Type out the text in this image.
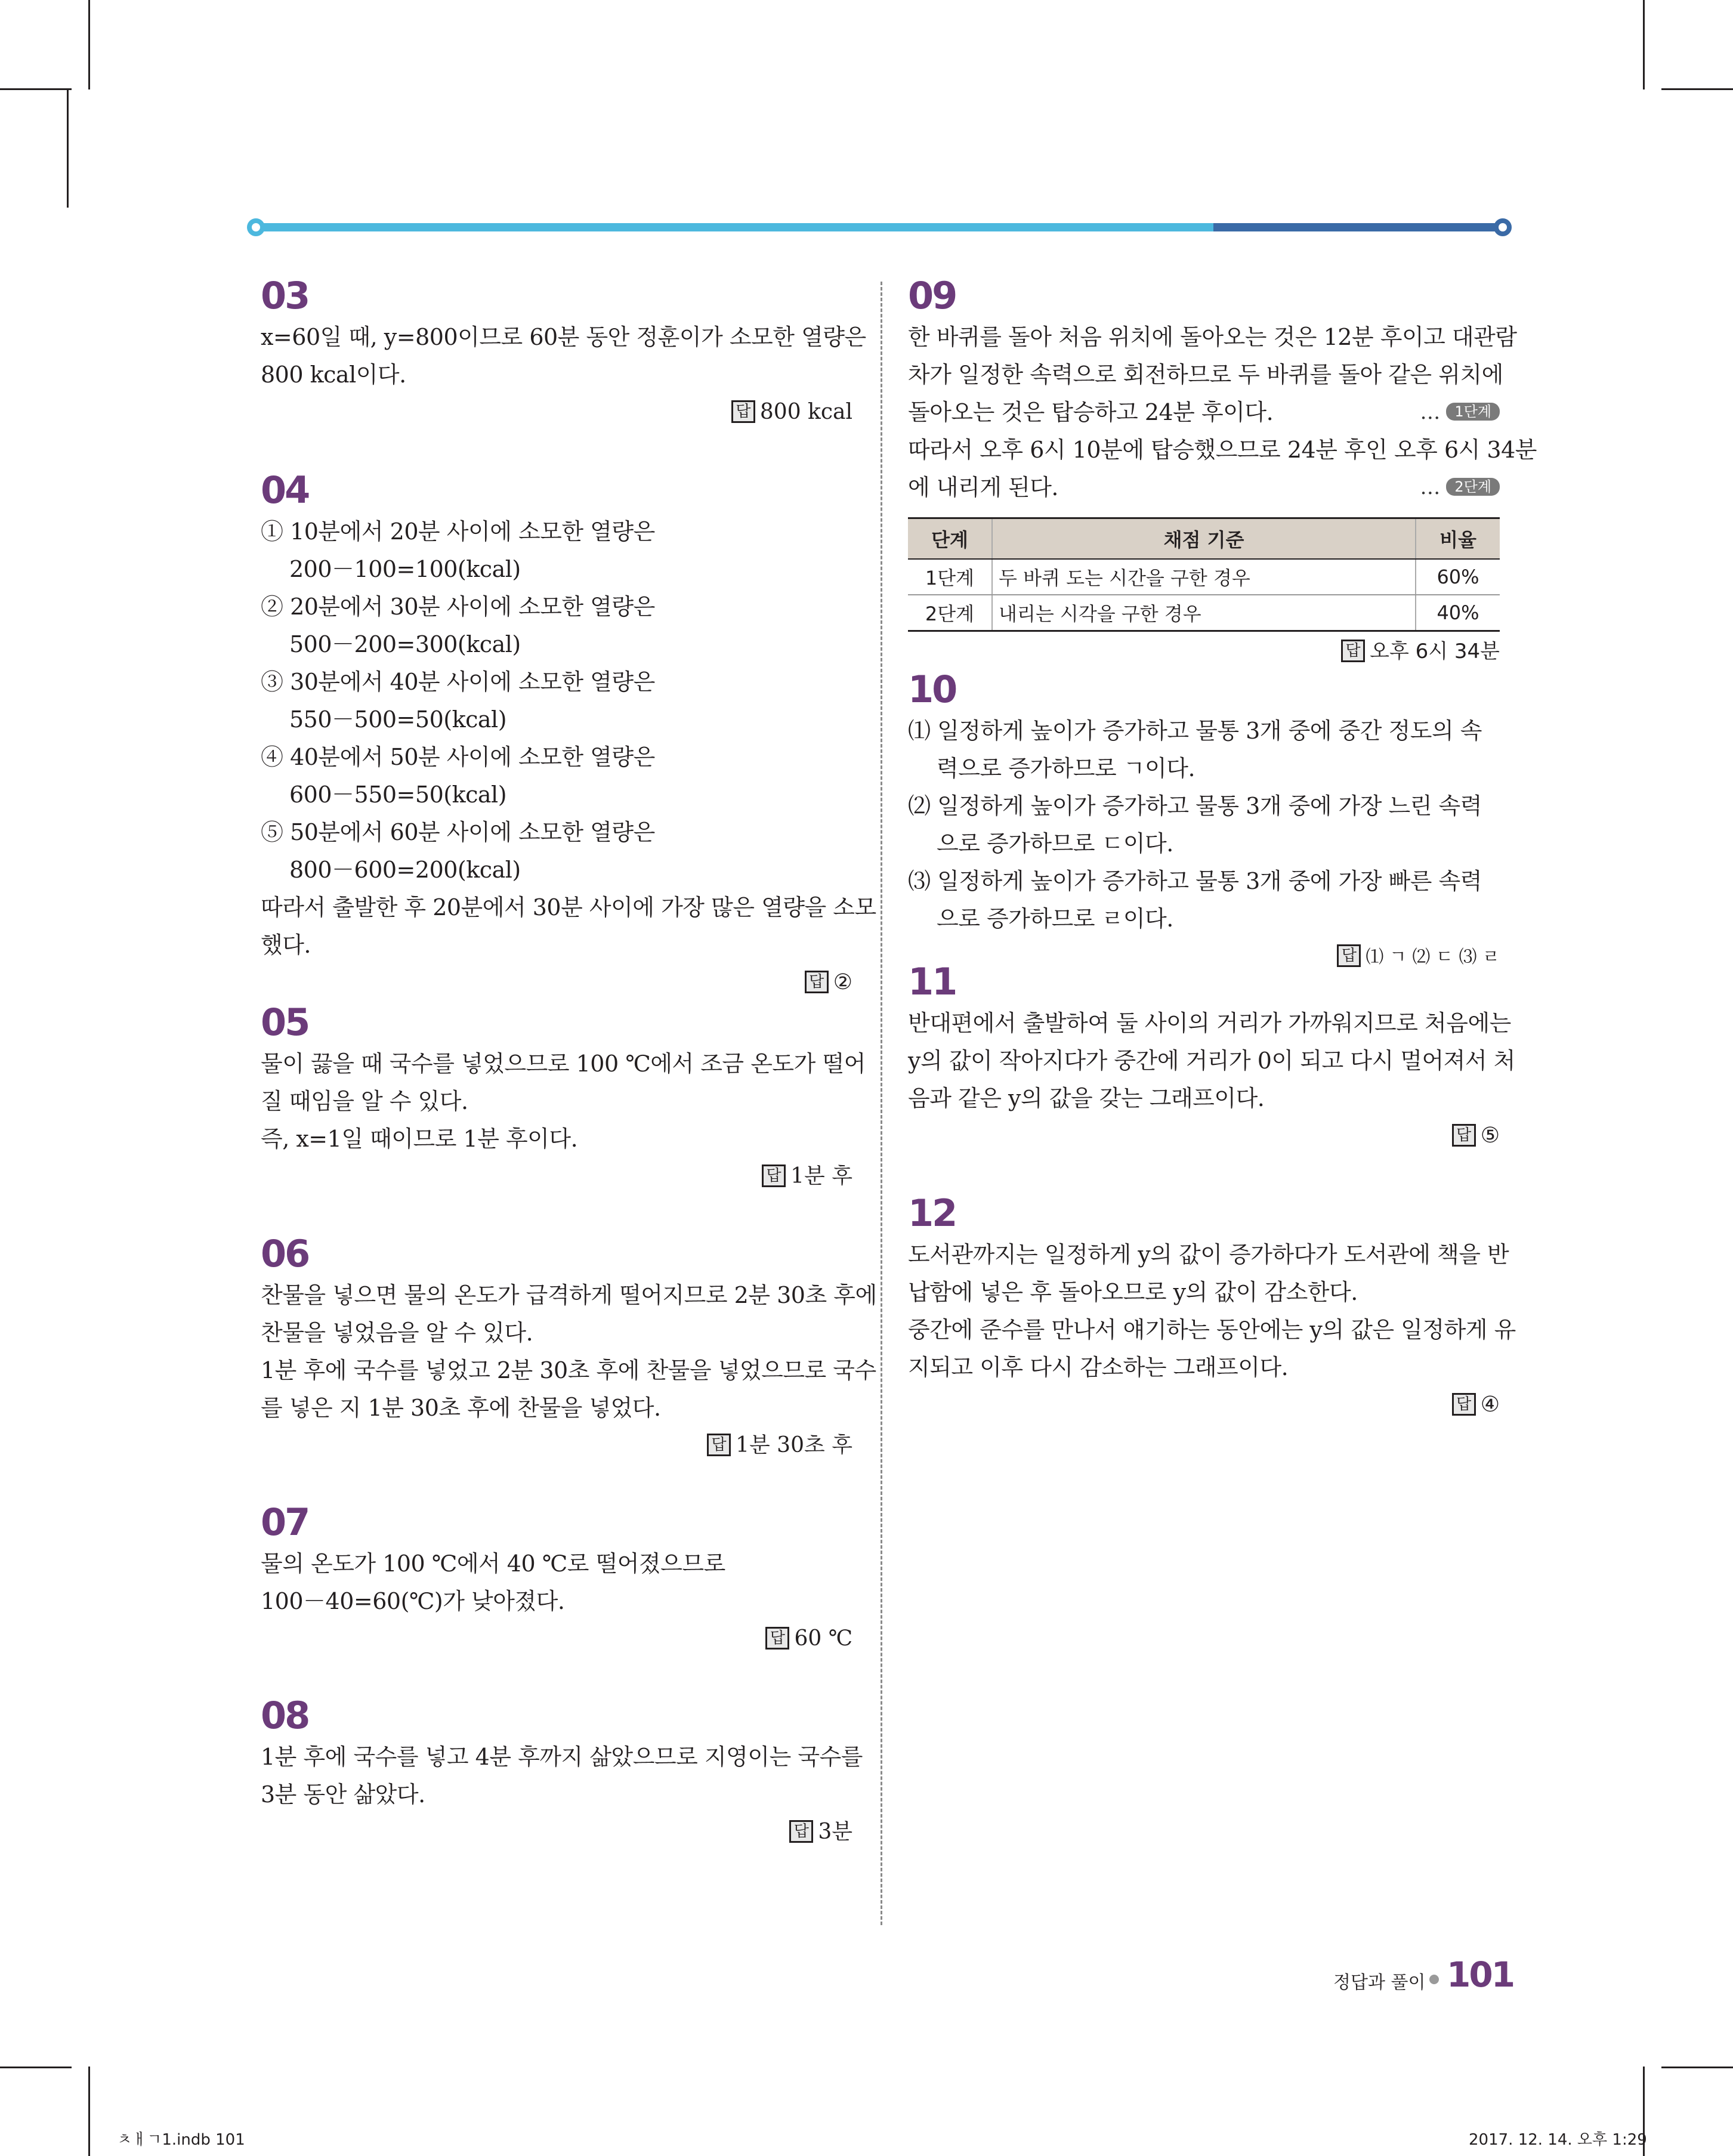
03
x=60일 때, y=800이므로 60분 동안 정훈이가 소모한 열량은
800 kcal이다.
답 800 kcal
04
① 10분에서 20분 사이에 소모한 열량은
200－100=100(kcal)
② 20분에서 30분 사이에 소모한 열량은
500－200=300(kcal)
③ 30분에서 40분 사이에 소모한 열량은
550－500=50(kcal)
④ 40분에서 50분 사이에 소모한 열량은
600－550=50(kcal)
⑤ 50분에서 60분 사이에 소모한 열량은
800－600=200(kcal)
따라서 출발한 후 20분에서 30분 사이에 가장 많은 열량을 소모
했다.
답 ②
05
물이 끓을 때 국수를 넣었으므로 100 ℃에서 조금 온도가 떨어
질 때임을 알 수 있다.
즉, x=1일 때이므로 1분 후이다.
답 1분 후
06
찬물을 넣으면 물의 온도가 급격하게 떨어지므로 2분 30초 후에
찬물을 넣었음을 알 수 있다.
1분 후에 국수를 넣었고 2분 30초 후에 찬물을 넣었으므로 국수
를 넣은 지 1분 30초 후에 찬물을 넣었다.
답 1분 30초 후
07
물의 온도가 100 ℃에서 40 ℃로 떨어졌으므로
100－40=60(℃)가 낮아졌다.
답 60 ℃
08
1분 후에 국수를 넣고 4분 후까지 삶았으므로 지영이는 국수를
3분 동안 삶았다.
답 3분
09
한 바퀴를 돌아 처음 위치에 돌아오는 것은 12분 후이고 대관람
차가 일정한 속력으로 회전하므로 두 바퀴를 돌아 같은 위치에
돌아오는 것은 탑승하고 24분 후이다.	… 1단계
따라서 오후 6시 10분에 탑승했으므로 24분 후인 오후 6시 34분
에 내리게 된다.	… 2단계
단계	채점 기준	비율
1단계	두 바퀴 도는 시간을 구한 경우	60%
2단계	내리는 시각을 구한 경우	40%
답 오후 6시 34분
10
⑴ 일정하게 높이가 증가하고 물통 3개 중에 중간 정도의 속력으로 증가하므로 ㄱ이다.
⑵ 일정하게 높이가 증가하고 물통 3개 중에 가장 느린 속력으로 증가하므로 ㄷ이다.
⑶ 일정하게 높이가 증가하고 물통 3개 중에 가장 빠른 속력으로 증가하므로 ㄹ이다.
답 ⑴ ㄱ ⑵ ㄷ ⑶ ㄹ
11
반대편에서 출발하여 둘 사이의 거리가 가까워지므로 처음에는
y의 값이 작아지다가 중간에 거리가 0이 되고 다시 멀어져서 처
음과 같은 y의 값을 갖는 그래프이다.
답 ⑤
12
도서관까지는 일정하게 y의 값이 증가하다가 도서관에 책을 반
납함에 넣은 후 돌아오므로 y의 값이 감소한다.
중간에 준수를 만나서 얘기하는 동안에는 y의 값은 일정하게 유
지되고 이후 다시 감소하는 그래프이다.
답 ④
정답과 풀이 101
ㅊㅐㄱ1.indb 101	2017. 12. 14. 오후 1:29
